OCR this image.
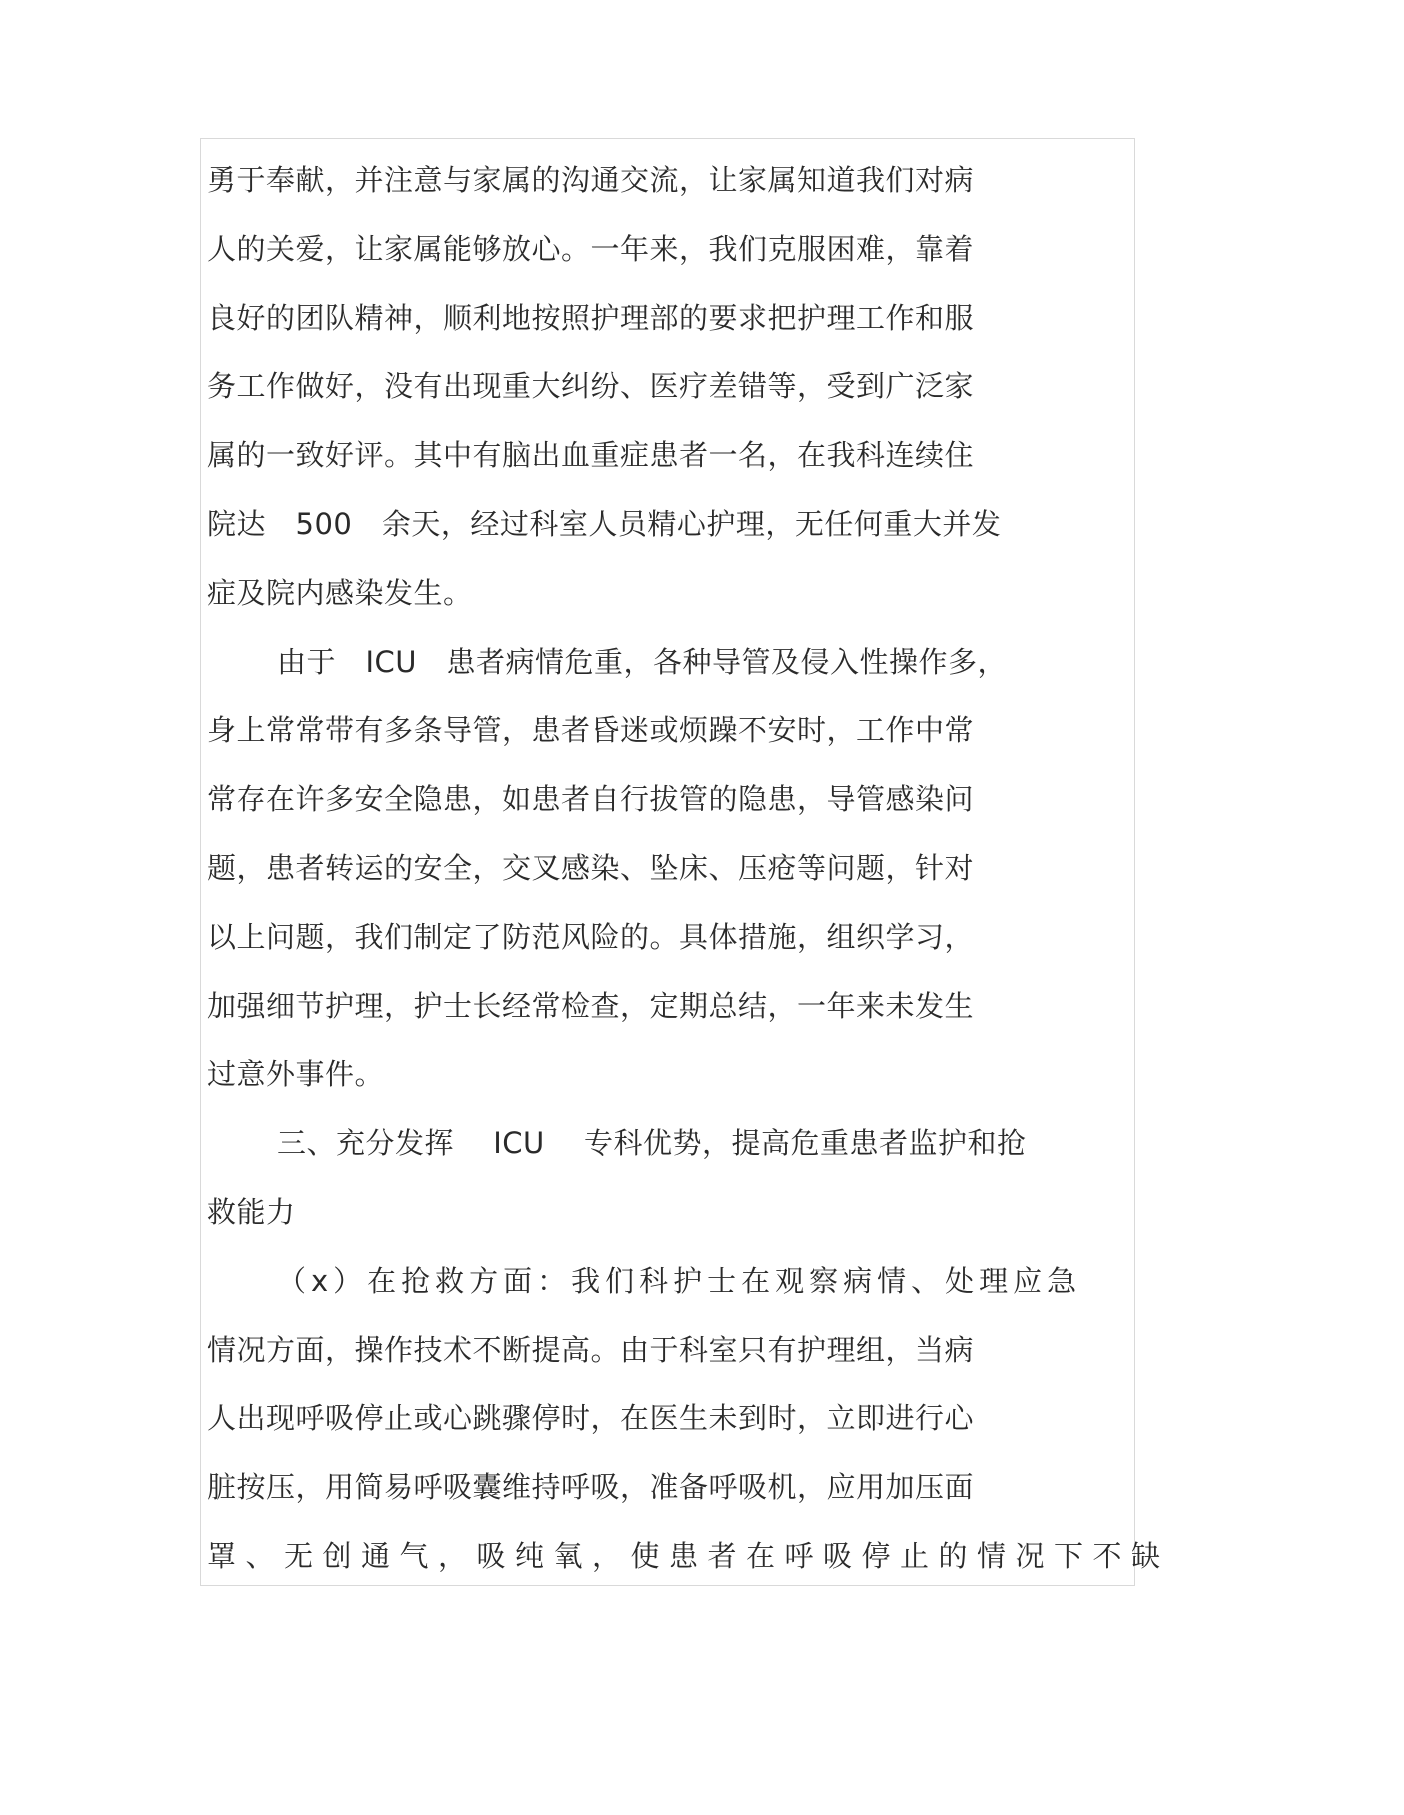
勇于奉献，并注意与家属的沟通交流，让家属知道我们对病
人的关爱，让家属能够放心。一年来，我们克服困难，靠着
良好的团队精神，顺利地按照护理部的要求把护理工作和服
务工作做好，没有出现重大纠纷、医疗差错等，受到广泛家
属的一致好评。其中有脑出血重症患者一名，在我科连续住
院达　500　余天，经过科室人员精心护理，无任何重大并发
症及院内感染发生。
由于　ICU　患者病情危重，各种导管及侵入性操作多，
身上常常带有多条导管，患者昏迷或烦躁不安时，工作中常
常存在许多安全隐患，如患者自行拔管的隐患，导管感染问
题，患者转运的安全，交叉感染、坠床、压疮等问题，针对
以上问题，我们制定了防范风险的。具体措施，组织学习，
加强细节护理，护士长经常检查，定期总结，一年来未发生
过意外事件。
三、充分发挥　 ICU　 专科优势，提高危重患者监护和抢
救能力
（x）在抢救方面：我们科护士在观察病情、处理应急
情况方面，操作技术不断提高。由于科室只有护理组，当病
人出现呼吸停止或心跳骤停时，在医生未到时，立即进行心
脏按压，用简易呼吸囊维持呼吸，准备呼吸机，应用加压面
罩、无创通气，吸纯氧，使患者在呼吸停止的情况下不缺
